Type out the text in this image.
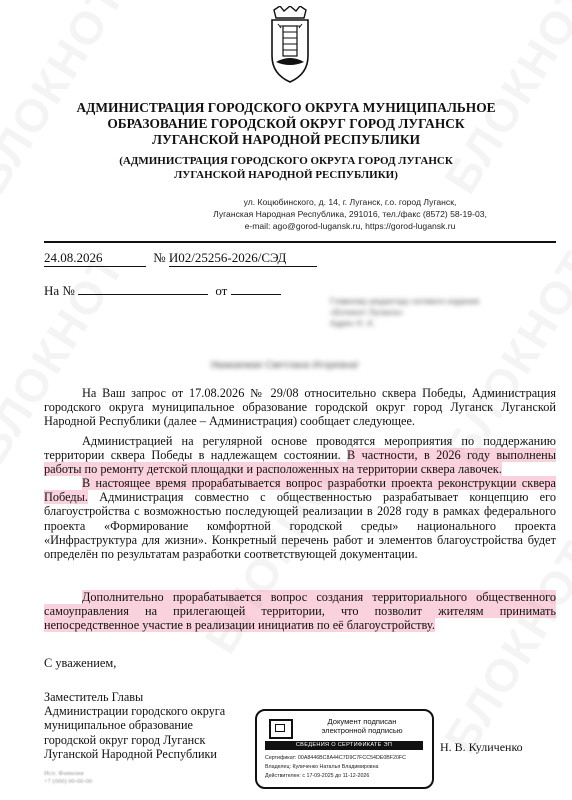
АДМИНИСТРАЦИЯ ГОРОДСКОГО ОКРУГА МУНИЦИПАЛЬНОЕ
ОБРАЗОВАНИЕ ГОРОДСКОЙ ОКРУГ ГОРОД ЛУГАНСК
ЛУГАНСКОЙ НАРОДНОЙ РЕСПУБЛИКИ
(АДМИНИСТРАЦИЯ ГОРОДСКОГО ОКРУГА ГОРОД ЛУГАНСК
ЛУГАНСКОЙ НАРОДНОЙ РЕСПУБЛИКИ)
ул. Коцюбинского, д. 14, г. Луганск, г.о. город Луганск,
Луганская Народная Республика, 291016, тел./факс (8572) 58-19-03,
e-mail: ago@gorod-lugansk.ru, https://gorod-lugansk.ru
24.08.2026	№ И02/25256-2026/СЭД
На №	от
Главному редактору сетевого издания
«Блокнот Луганск»
Адрес Н. А.
Уважаемая Светлана Игоревна!
На Ваш запрос от 17.08.2026 № 29/08 относительно сквера Победы, Администрация городского округа муниципальное образование городской округ город Луганск Луганской Народной Республики (далее – Администрация) сообщает следующее.
Администрацией на регулярной основе проводятся мероприятия по поддержанию территории сквера Победы в надлежащем состоянии. В частности, в 2026 году выполнены работы по ремонту детской площадки и расположенных на территории сквера лавочек.
В настоящее время прорабатывается вопрос разработки проекта реконструкции сквера Победы. Администрация совместно с общественностью разрабатывает концепцию его благоустройства с возможностью последующей реализации в 2028 году в рамках федерального проекта «Формирование комфортной городской среды» национального проекта «Инфраструктура для жизни». Конкретный перечень работ и элементов благоустройства будет определён по результатам разработки соответствующей документации.
Дополнительно прорабатывается вопрос создания территориального общественного самоуправления на прилегающей территории, что позволит жителям принимать непосредственное участие в реализации инициатив по её благоустройству.
С уважением,
Заместитель Главы
Администрации городского округа
муниципальное образование
городской округ город Луганск
Луганской Народной Республики
Документ подписан
электронной подписью
СВЕДЕНИЯ О СЕРТИФИКАТЕ ЭП
Сертификат: 00A8446BC8A44C7D9C7FCC54DE0BF20FC
Владелец: Куличенко Наталья Владимировна
Действителен: с 17-09-2025 до 11-12-2026
Н. В. Куличенко
Исп. Фамилия
+7 (000) 00-00-00
